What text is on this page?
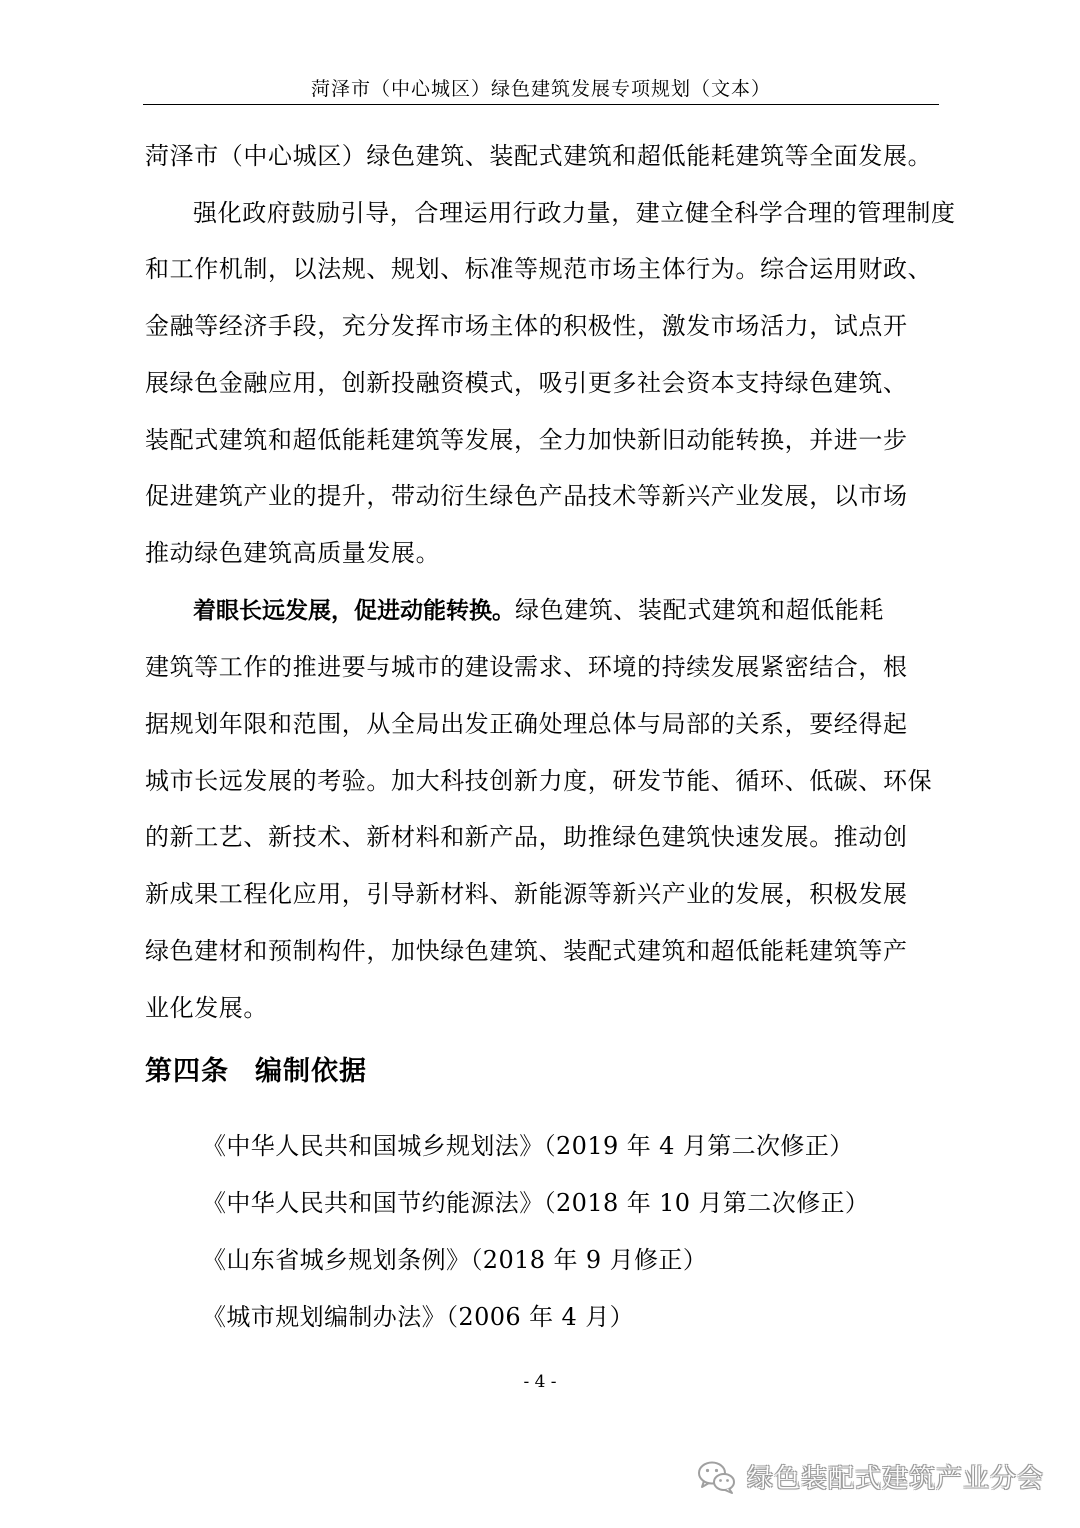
菏泽市（中心城区）绿色建筑发展专项规划（文本）

菏泽市（中心城区）绿色建筑、装配式建筑和超低能耗建筑等全面发展。

强化政府鼓励引导，合理运用行政力量，建立健全科学合理的管理制度

和工作机制，以法规、规划、标准等规范市场主体行为。综合运用财政、

金融等经济手段，充分发挥市场主体的积极性，激发市场活力，试点开

展绿色金融应用，创新投融资模式，吸引更多社会资本支持绿色建筑、

装配式建筑和超低能耗建筑等发展，全力加快新旧动能转换，并进一步

促进建筑产业的提升，带动衍生绿色产品技术等新兴产业发展，以市场

推动绿色建筑高质量发展。

着眼长远发展，促进动能转换。绿色建筑、装配式建筑和超低能耗

建筑等工作的推进要与城市的建设需求、环境的持续发展紧密结合，根

据规划年限和范围，从全局出发正确处理总体与局部的关系，要经得起

城市长远发展的考验。加大科技创新力度，研发节能、循环、低碳、环保

的新工艺、新技术、新材料和新产品，助推绿色建筑快速发展。推动创

新成果工程化应用，引导新材料、新能源等新兴产业的发展，积极发展

绿色建材和预制构件，加快绿色建筑、装配式建筑和超低能耗建筑等产

业化发展。

第四条 编制依据

《中华人民共和国城乡规划法》（2019 年 4 月第二次修正）

《中华人民共和国节约能源法》（2018 年 10 月第二次修正）

《山东省城乡规划条例》（2018 年 9 月修正）

《城市规划编制办法》（2006 年 4 月）

- 4 -
绿色装配式建筑产业分会
